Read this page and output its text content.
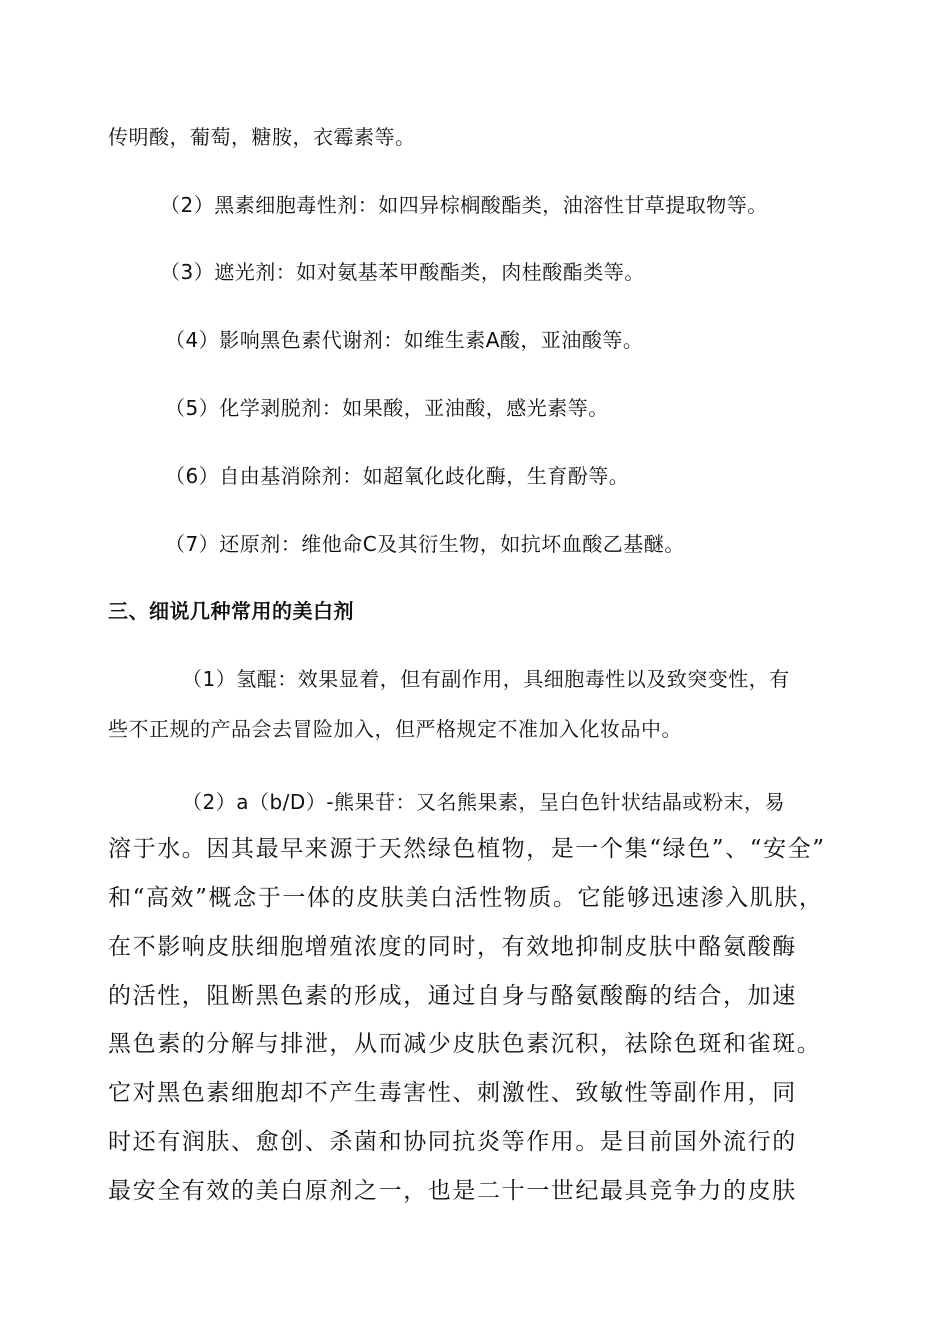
传明酸，葡萄，糖胺，衣霉素等。
（2）黑素细胞毒性剂：如四异棕榈酸酯类，油溶性甘草提取物等。
（3）遮光剂：如对氨基苯甲酸酯类，肉桂酸酯类等。
（4）影响黑色素代谢剂：如维生素A酸，亚油酸等。
（5）化学剥脱剂：如果酸，亚油酸，感光素等。
（6）自由基消除剂：如超氧化歧化酶，生育酚等。
（7）还原剂：维他命C及其衍生物，如抗坏血酸乙基醚。
三、细说几种常用的美白剂
（1）氢醌：效果显着，但有副作用，具细胞毒性以及致突变性，有
些不正规的产品会去冒险加入，但严格规定不准加入化妆品中。
（2）a（b/D）-熊果苷：又名熊果素，呈白色针状结晶或粉末，易
溶于水。因其最早来源于天然绿色植物，是一个集“绿色”、“安全”
和“高效”概念于一体的皮肤美白活性物质。它能够迅速渗入肌肤，
在不影响皮肤细胞增殖浓度的同时，有效地抑制皮肤中酪氨酸酶
的活性，阻断黑色素的形成，通过自身与酪氨酸酶的结合，加速
黑色素的分解与排泄，从而减少皮肤色素沉积，祛除色斑和雀斑。
它对黑色素细胞却不产生毒害性、刺激性、致敏性等副作用，同
时还有润肤、愈创、杀菌和协同抗炎等作用。是目前国外流行的
最安全有效的美白原剂之一，也是二十一世纪最具竞争力的皮肤
